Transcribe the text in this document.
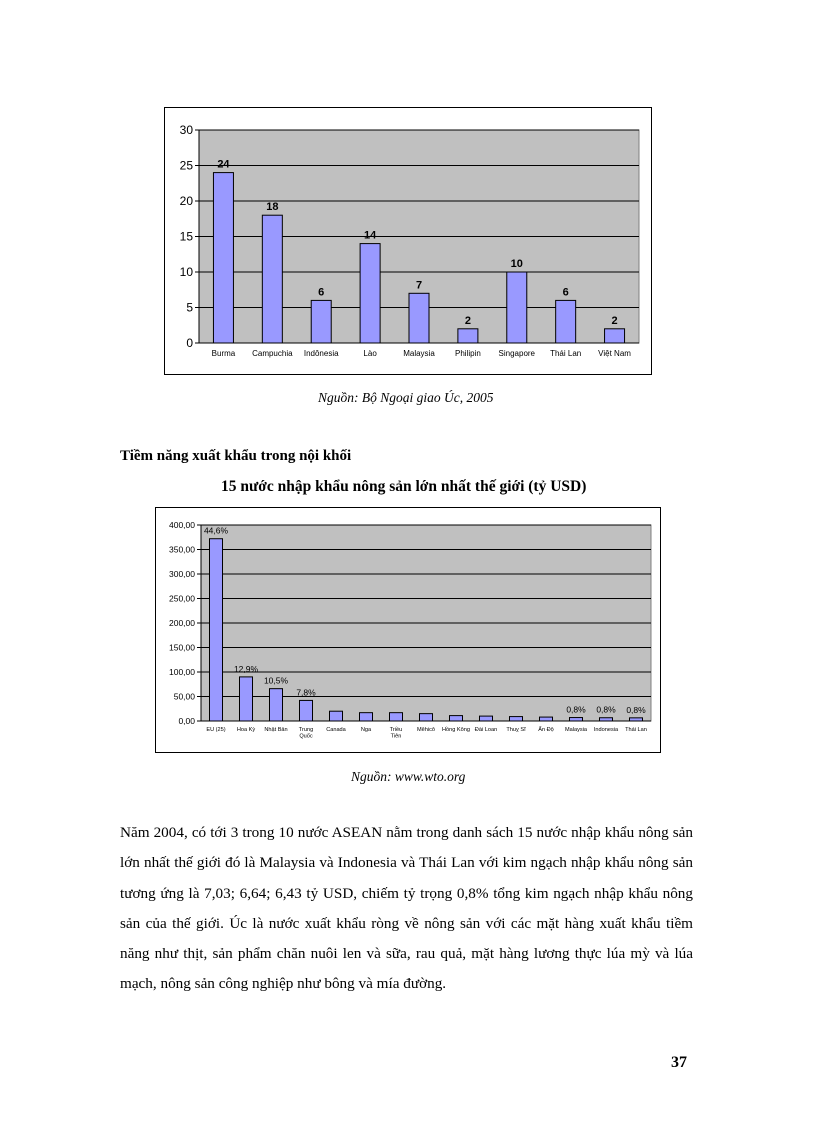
0
5
10
15
20
25
30
24
Burma
18
Campuchia
6
Indônesia
14
Lào
7
Malaysia
2
Philipin
10
Singapore
6
Thái Lan
2
Việt Nam
Nguồn: Bộ Ngoại giao Úc, 2005
Tiềm năng xuất khẩu trong nội khối
15 nước nhập khẩu nông sản lớn nhất thế giới (tỷ USD)
0,00
50,00
100,00
150,00
200,00
250,00
300,00
350,00
400,00
44,6%
EU (25)
12,9%
Hoa Kỳ
10,5%
Nhật Bản
7,8%
Trung
Quốc
Canada	Nga	Triều
Tiên
Mêhicô Hồng Kông Đài Loan Thuỵ Sĩ Ấn Độ
0,8%
Malaysia
0,8%
Indonesia
0,8%
Thái Lan
Nguồn: www.wto.org

Năm 2004, có tới 3 trong 10 nước ASEAN nằm trong danh sách 15 nước nhập khẩu nông sản lớn nhất thế giới đó là Malaysia và Indonesia và Thái Lan với kim ngạch nhập khẩu nông sản tương ứng là 7,03; 6,64; 6,43 tỷ USD, chiếm tỷ trọng 0,8% tổng kim ngạch nhập khẩu nông sản của thế giới. Úc là nước xuất khẩu ròng về nông sản với các mặt hàng xuất khẩu tiềm năng như thịt, sản phẩm chăn nuôi len và sữa, rau quả, mặt hàng lương thực lúa mỳ và lúa mạch, nông sản công nghiệp như bông và mía đường.

37
